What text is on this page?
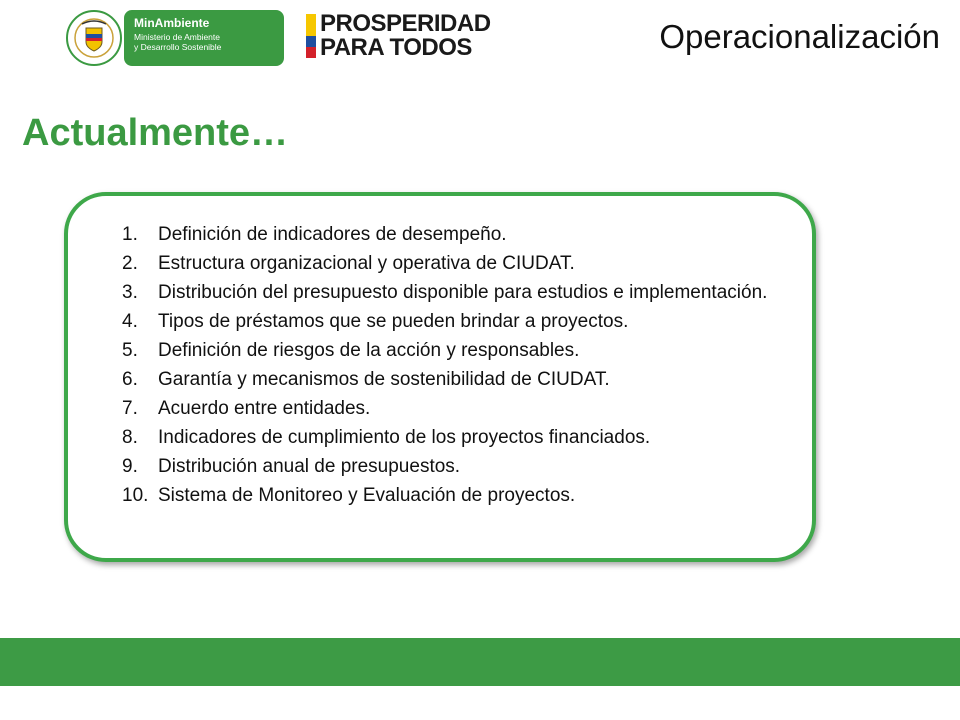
MinAmbiente
Ministerio de Ambiente
y Desarrollo Sostenible
PROSPERIDAD
PARA TODOS	Operacionalización
Actualmente…
1. Definición de indicadores de desempeño.
2. Estructura organizacional y operativa de CIUDAT.
3. Distribución del presupuesto disponible para estudios e implementación.
4. Tipos de préstamos que se pueden brindar a proyectos.
5. Definición de riesgos de la acción y responsables.
6. Garantía y mecanismos de sostenibilidad de CIUDAT.
7. Acuerdo entre entidades.
8. Indicadores de cumplimiento de los proyectos financiados.
9. Distribución anual de presupuestos.
10. Sistema de Monitoreo y Evaluación de proyectos.
